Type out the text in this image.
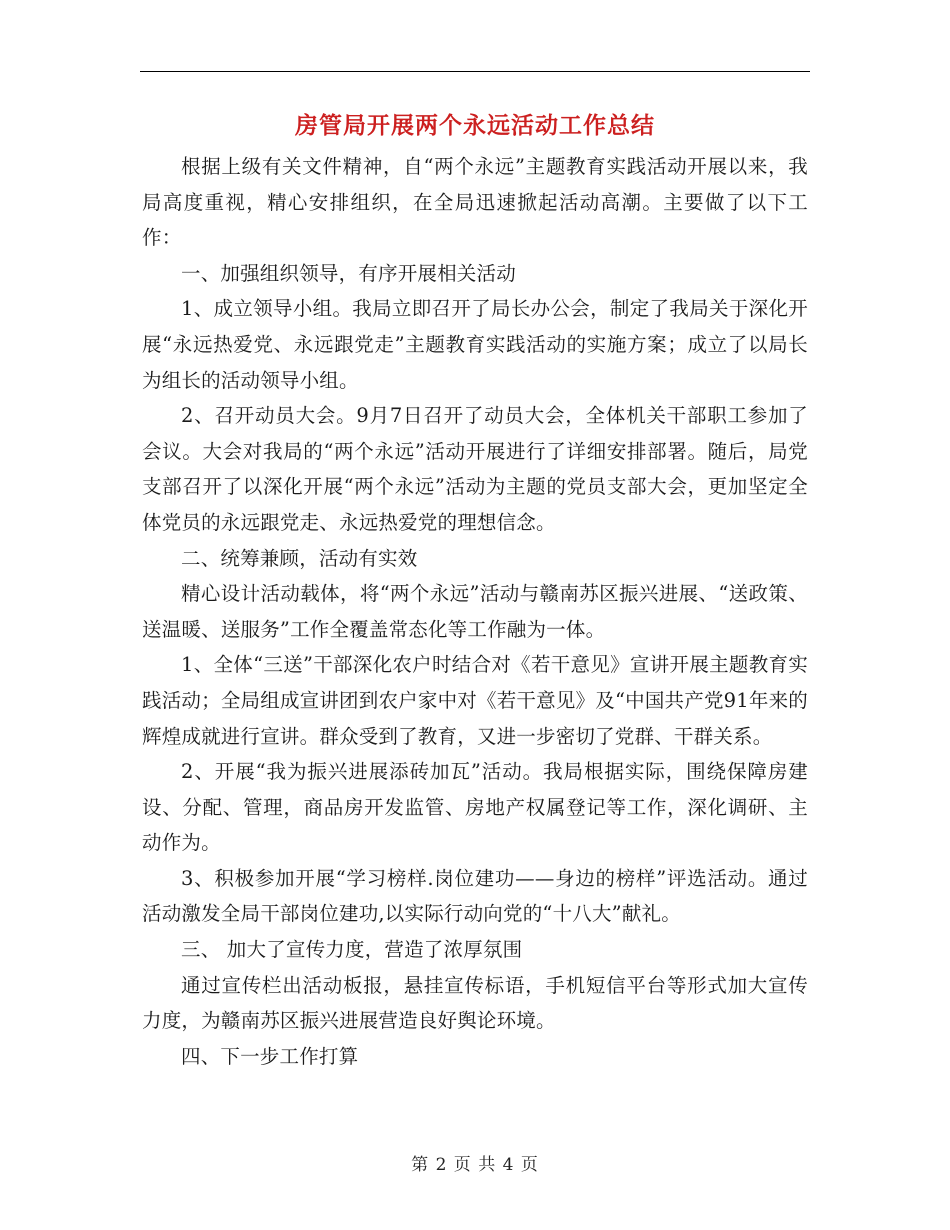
房管局开展两个永远活动工作总结

根据上级有关文件精神，自“两个永远”主题教育实践活动开展以来，我局高度重视，精心安排组织，在全局迅速掀起活动高潮。主要做了以下工作：

一、加强组织领导，有序开展相关活动

1、成立领导小组。我局立即召开了局长办公会，制定了我局关于深化开展“永远热爱党、永远跟党走”主题教育实践活动的实施方案；成立了以局长为组长的活动领导小组。

2、召开动员大会。9月7日召开了动员大会，全体机关干部职工参加了会议。大会对我局的“两个永远”活动开展进行了详细安排部署。随后，局党支部召开了以深化开展“两个永远”活动为主题的党员支部大会，更加坚定全体党员的永远跟党走、永远热爱党的理想信念。

二、统筹兼顾，活动有实效

精心设计活动载体，将“两个永远”活动与赣南苏区振兴进展、“送政策、送温暖、送服务”工作全覆盖常态化等工作融为一体。

1、全体“三送”干部深化农户时结合对《若干意见》宣讲开展主题教育实践活动；全局组成宣讲团到农户家中对《若干意见》及“中国共产党91年来的辉煌成就进行宣讲。群众受到了教育，又进一步密切了党群、干群关系。

2、开展“我为振兴进展添砖加瓦”活动。我局根据实际，围绕保障房建设、分配、管理，商品房开发监管、房地产权属登记等工作，深化调研、主动作为。

3、积极参加开展“学习榜样.岗位建功——身边的榜样”评选活动。通过活动激发全局干部岗位建功,以实际行动向党的“十八大”献礼。

三、 加大了宣传力度，营造了浓厚氛围

通过宣传栏出活动板报，悬挂宣传标语，手机短信平台等形式加大宣传力度，为赣南苏区振兴进展营造良好舆论环境。

四、下一步工作打算

第 2 页 共 4 页
